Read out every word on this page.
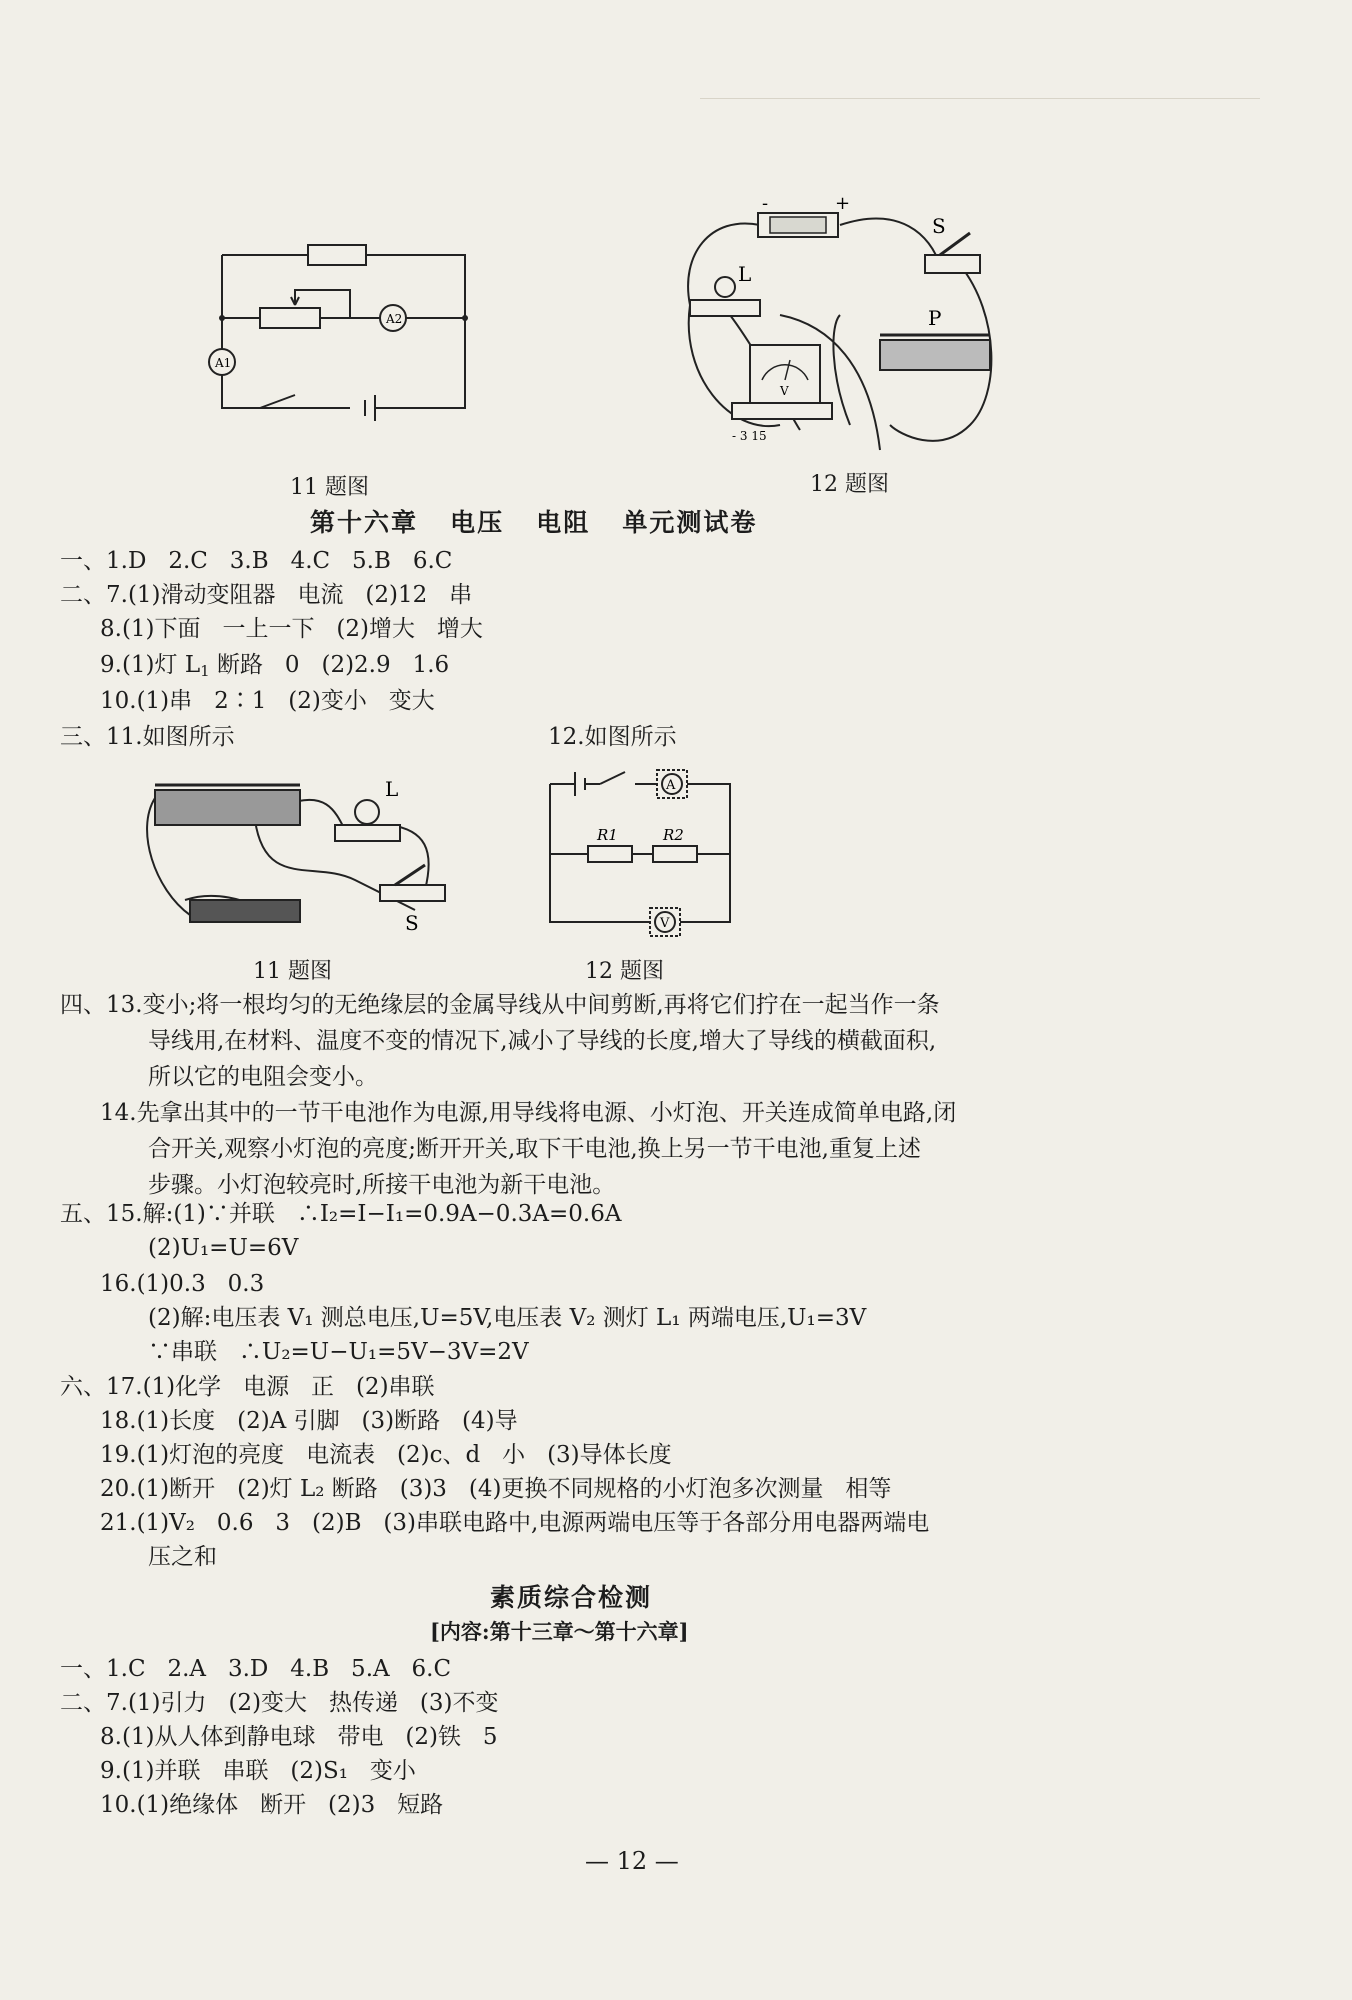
A2
A1
11 题图
-	+
S
L
P
V
- 3 15
12 题图
第十六章   电压   电阻   单元测试卷
一、1.D   2.C   3.B   4.C   5.B   6.C
二、7.(1)滑动变阻器   电流   (2)12   串
8.(1)下面   一上一下   (2)增大   增大
9.(1)灯 $L_1$ 断路   0   (2)2.9   1.6
10.(1)串   2∶1   (2)变小   变大
三、11.如图所示	12.如图所示
L
S
11 题图
A
V
R1	R2
12 题图
四、13.变小;将一根均匀的无绝缘层的金属导线从中间剪断,再将它们拧在一起当作一条
导线用,在材料、温度不变的情况下,减小了导线的长度,增大了导线的横截面积,
所以它的电阻会变小。
14.先拿出其中的一节干电池作为电源,用导线将电源、小灯泡、开关连成简单电路,闭
合开关,观察小灯泡的亮度;断开开关,取下干电池,换上另一节干电池,重复上述
步骤。小灯泡较亮时,所接干电池为新干电池。
五、15.解:(1)∵并联   ∴I₂=I−I₁=0.9A−0.3A=0.6A
(2)U₁=U=6V
16.(1)0.3   0.3
(2)解:电压表 V₁ 测总电压,U=5V,电压表 V₂ 测灯 L₁ 两端电压,U₁=3V
∵串联   ∴U₂=U−U₁=5V−3V=2V
六、17.(1)化学   电源   正   (2)串联
18.(1)长度   (2)A 引脚   (3)断路   (4)导
19.(1)灯泡的亮度   电流表   (2)c、d   小   (3)导体长度
20.(1)断开   (2)灯 L₂ 断路   (3)3   (4)更换不同规格的小灯泡多次测量   相等
21.(1)V₂   0.6   3   (2)B   (3)串联电路中,电源两端电压等于各部分用电器两端电
压之和
素质综合检测
[内容:第十三章～第十六章]
一、1.C   2.A   3.D   4.B   5.A   6.C
二、7.(1)引力   (2)变大   热传递   (3)不变
8.(1)从人体到静电球   带电   (2)铁   5
9.(1)并联   串联   (2)S₁   变小
10.(1)绝缘体   断开   (2)3   短路
— 12 —
